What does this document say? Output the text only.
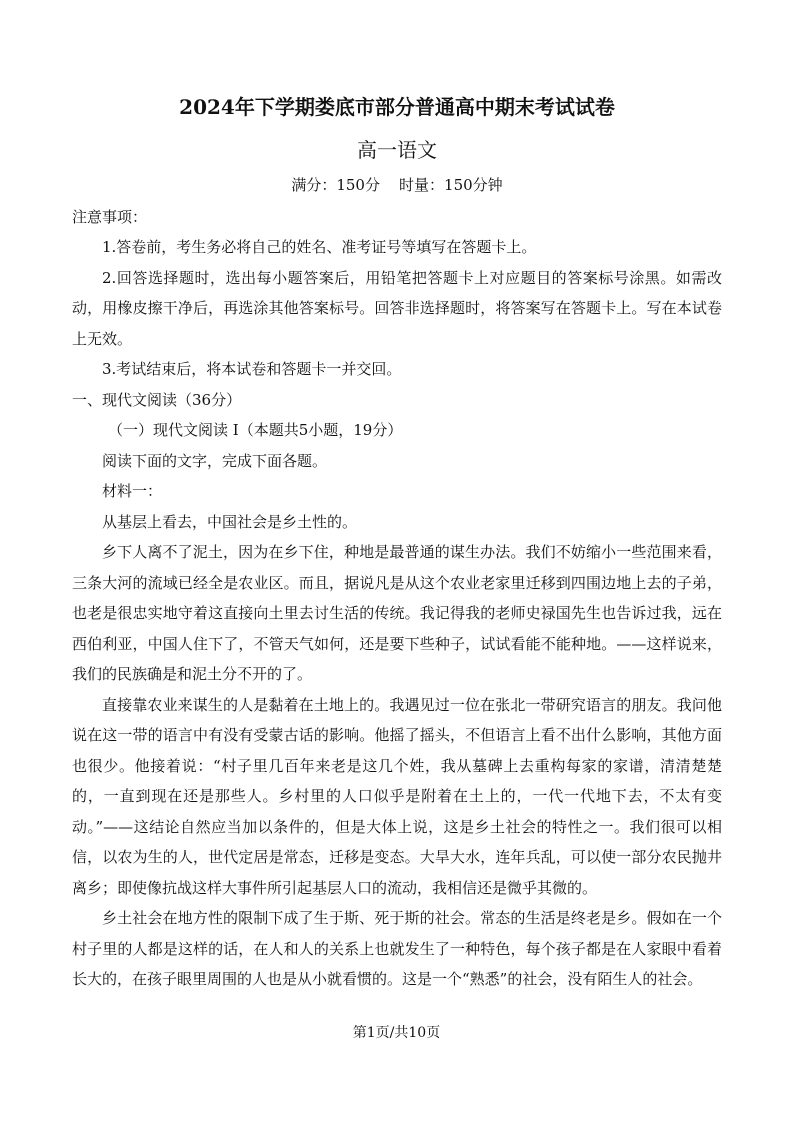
2024年下学期娄底市部分普通高中期末考试试卷
高一语文
满分：150分 时量：150分钟
注意事项：

1.答卷前，考生务必将自己的姓名、准考证号等填写在答题卡上。

2.回答选择题时，选出每小题答案后，用铅笔把答题卡上对应题目的答案标号涂黑。如需改动，用橡皮擦干净后，再选涂其他答案标号。回答非选择题时，将答案写在答题卡上。写在本试卷上无效。

3.考试结束后，将本试卷和答题卡一并交回。

一、现代文阅读（36分）
（一）现代文阅读 I（本题共5小题，19分）

阅读下面的文字，完成下面各题。

材料一：

从基层上看去，中国社会是乡土性的。

乡下人离不了泥土，因为在乡下住，种地是最普通的谋生办法。我们不妨缩小一些范围来看，三条大河的流域已经全是农业区。而且，据说凡是从这个农业老家里迁移到四围边地上去的子弟，也老是很忠实地守着这直接向土里去讨生活的传统。我记得我的老师史禄国先生也告诉过我，远在西伯利亚，中国人住下了，不管天气如何，还是要下些种子，试试看能不能种地。——这样说来，我们的民族确是和泥土分不开的了。

直接靠农业来谋生的人是黏着在土地上的。我遇见过一位在张北一带研究语言的朋友。我问他说在这一带的语言中有没有受蒙古话的影响。他摇了摇头，不但语言上看不出什么影响，其他方面也很少。他接着说：“村子里几百年来老是这几个姓，我从墓碑上去重构每家的家谱，清清楚楚的，一直到现在还是那些人。乡村里的人口似乎是附着在土上的，一代一代地下去，不太有变动。”——这结论自然应当加以条件的，但是大体上说，这是乡土社会的特性之一。我们很可以相信，以农为生的人，世代定居是常态，迁移是变态。大旱大水，连年兵乱，可以使一部分农民抛井离乡；即使像抗战这样大事件所引起基层人口的流动，我相信还是微乎其微的。

乡土社会在地方性的限制下成了生于斯、死于斯的社会。常态的生活是终老是乡。假如在一个村子里的人都是这样的话，在人和人的关系上也就发生了一种特色，每个孩子都是在人家眼中看着长大的，在孩子眼里周围的人也是从小就看惯的。这是一个“熟悉”的社会，没有陌生人的社会。

第1页/共10页
